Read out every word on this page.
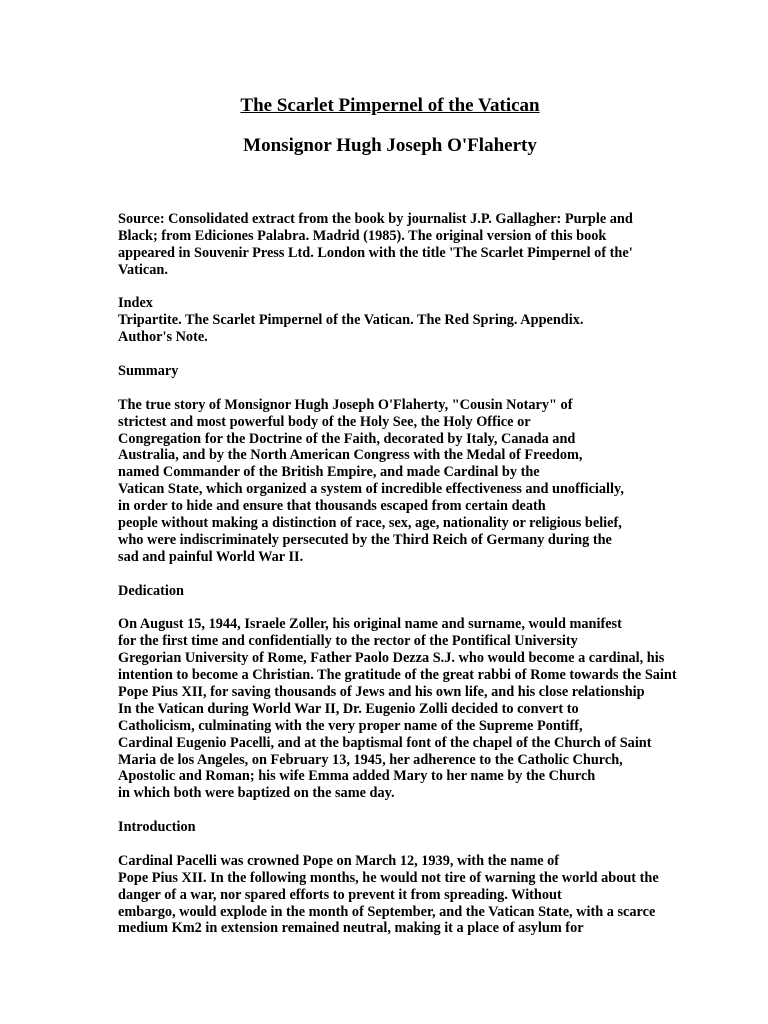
The Scarlet Pimpernel of the Vatican
Monsignor Hugh Joseph O'Flaherty
Source: Consolidated extract from the book by journalist J.P. Gallagher: Purple and
Black; from Ediciones Palabra. Madrid (1985). The original version of this book
appeared in Souvenir Press Ltd. London with the title 'The Scarlet Pimpernel of the'
Vatican.
Index
Tripartite. The Scarlet Pimpernel of the Vatican. The Red Spring. Appendix.
Author's Note.
Summary
The true story of Monsignor Hugh Joseph O'Flaherty, "Cousin Notary" of
strictest and most powerful body of the Holy See, the Holy Office or
Congregation for the Doctrine of the Faith, decorated by Italy, Canada and
Australia, and by the North American Congress with the Medal of Freedom,
named Commander of the British Empire, and made Cardinal by the
Vatican State, which organized a system of incredible effectiveness and unofficially,
in order to hide and ensure that thousands escaped from certain death
people without making a distinction of race, sex, age, nationality or religious belief,
who were indiscriminately persecuted by the Third Reich of Germany during the
sad and painful World War II.
Dedication
On August 15, 1944, Israele Zoller, his original name and surname, would manifest
for the first time and confidentially to the rector of the Pontifical University
Gregorian University of Rome, Father Paolo Dezza S.J. who would become a cardinal, his
intention to become a Christian. The gratitude of the great rabbi of Rome towards the Saint
Pope Pius XII, for saving thousands of Jews and his own life, and his close relationship
In the Vatican during World War II, Dr. Eugenio Zolli decided to convert to
Catholicism, culminating with the very proper name of the Supreme Pontiff,
Cardinal Eugenio Pacelli, and at the baptismal font of the chapel of the Church of Saint
Maria de los Angeles, on February 13, 1945, her adherence to the Catholic Church,
Apostolic and Roman; his wife Emma added Mary to her name by the Church
in which both were baptized on the same day.
Introduction
Cardinal Pacelli was crowned Pope on March 12, 1939, with the name of
Pope Pius XII. In the following months, he would not tire of warning the world about the
danger of a war, nor spared efforts to prevent it from spreading. Without
embargo, would explode in the month of September, and the Vatican State, with a scarce
medium Km2 in extension remained neutral, making it a place of asylum for
